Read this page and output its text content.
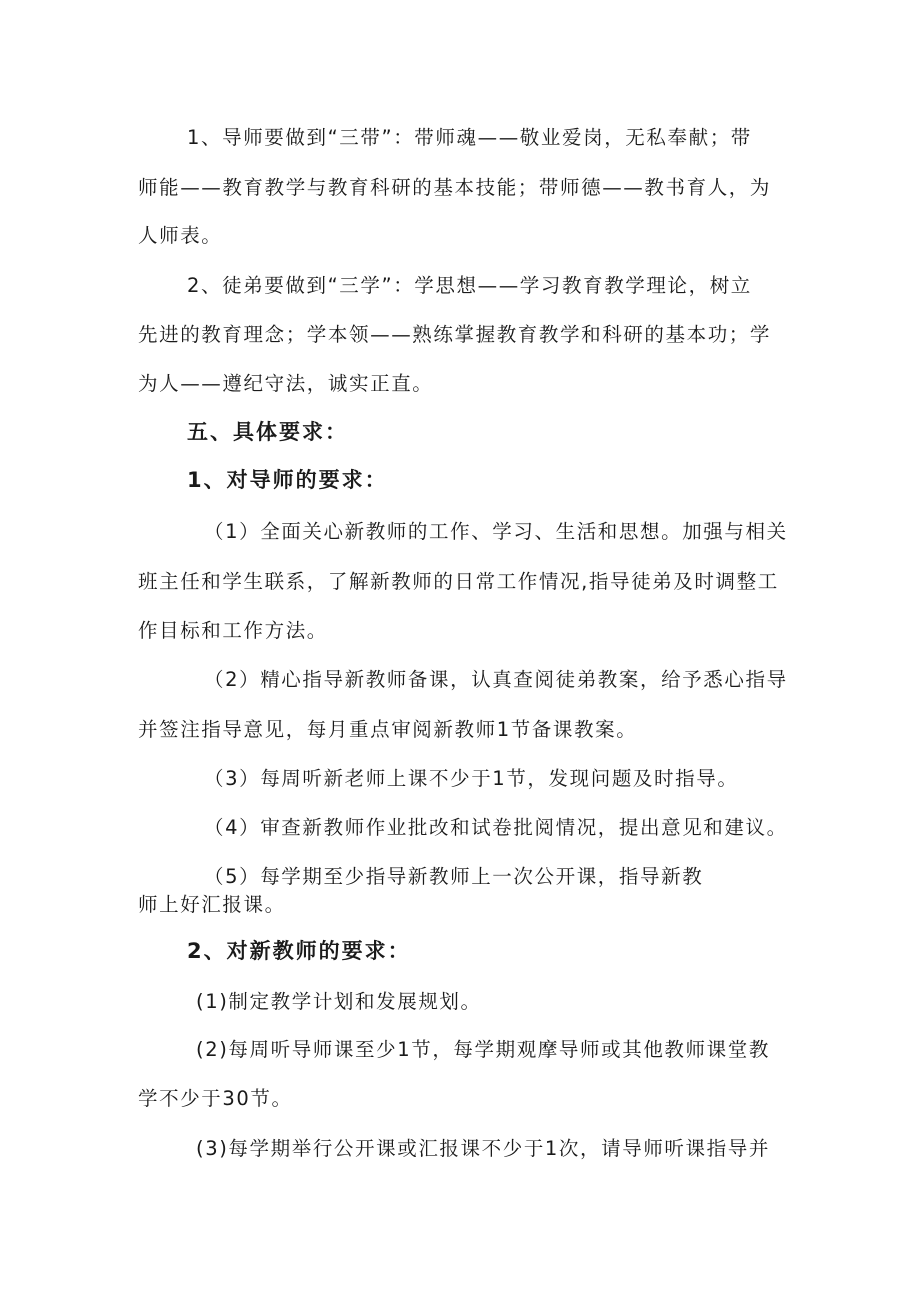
1、导师要做到“三带”：带师魂——敬业爱岗，无私奉献；带
师能——教育教学与教育科研的基本技能；带师德——教书育人，为
人师表。
2、徒弟要做到“三学”：学思想——学习教育教学理论，树立
先进的教育理念；学本领——熟练掌握教育教学和科研的基本功；学
为人——遵纪守法，诚实正直。
五、具体要求：
1、对导师的要求：
（1）全面关心新教师的工作、学习、生活和思想。加强与相关
班主任和学生联系，了解新教师的日常工作情况,指导徒弟及时调整工
作目标和工作方法。
（2）精心指导新教师备课，认真查阅徒弟教案，给予悉心指导
并签注指导意见，每月重点审阅新教师1节备课教案。
（3）每周听新老师上课不少于1节，发现问题及时指导。
（4）审查新教师作业批改和试卷批阅情况，提出意见和建议。
（5）每学期至少指导新教师上一次公开课，指导新教
师上好汇报课。
2、对新教师的要求：
(1)制定教学计划和发展规划。
(2)每周听导师课至少1节，每学期观摩导师或其他教师课堂教
学不少于30节。
(3)每学期举行公开课或汇报课不少于1次，请导师听课指导并
